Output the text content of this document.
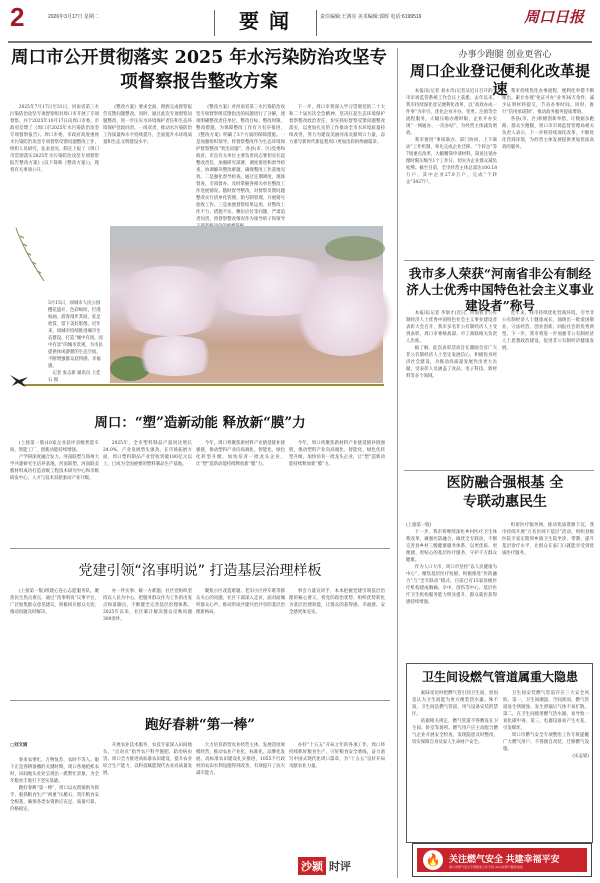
2	2026年3月17日 星期二	要闻	责任编辑:王鸿亮 美术编辑:郭晖 电话:6199516	周口日报
周口市公开贯彻落实 2025 年水污染防治攻坚专项督察报告整改方案

2025年7月17日至31日，河南省第三水污染防治攻坚专项督察组对周口市开展了专项督察。并于2025年10月17日向周口市委、市政府反馈了《周口市2025年水污染防治攻坚专项督察报告》。周口市委、市政府高度重视水污染防治攻坚专项督察反馈问题整改工作，组织人员研究、征求意见，制定上报了《周口市贯彻落实2025年水污染防治攻坚专项督察报告整改方案》(以下简称《整改方案》)，现将有关事项公开。

《整改方案》要求全面、彻底完成督察报告反馈问题整改。同时，通过此次专项督察问题整改，进一步压实水环境保护责任和生态环境保护党政同责、一岗双责，推动水污染防治工作质量和水平持续提升，全面提升水环境质量和生态文明建设水平。

《整改方案》对河南省第三水污染防治攻坚专项督察组反馈指出的问题进行了分解，逐项明确整改责任单位、整改目标、整改时限、整改措施，为保障整改工作有力有序推进，《整改方案》明确了3个方面的保障措施。一是加强组织领导。将督察整改作为生态环境保护督察整改“突出问题”，各县(市、区)党委和政府、市直有关单位主要负责同志要切实扛起整改责任，加强研究部署，调度推进和督导检查，协调解决整改难题，确保整改工作落地见效。二是强化督导检查。通过定期调度、现场督查、专项督办、及时掌握各相关单位整改工作进展情况。随时督导整改，对督察反馈问题整改实行清单化管理、销号制管理，开展销号验收工作。三是加强督察结果运用。对整改工作不力、措施不实、敷衍应付等问题，严肃追责问责，将督察整改情况作为领导班子和领导

下一步，周口市将深入学习贯彻党的二十大和二十届历次全会精神，坚决扛起生态环境保护督察整改政治责任，切实抓好督察反馈问题整改落实，以更加扎实的工作推动全市水环境质量持续改善，努力为建设美丽河南贡献周口力量，奋力谱写新时代新征程周口更加出彩的绚丽篇章。

3月15日，项城市人民公园樱花盛开，色彩缤纷，烂漫如画，游客漫步其间，驻足欣赏，留下美好影像。近年来，项城市持续推进城市生态建设，打造“城中有园、园中有景”的城市景观，为市民提供休闲游憩的生态空间，不断增强群众获得感、幸福感。
记者 张志新 通讯员 王佳石 摄
周口：“塑”造新动能 释放新“膜”力

(上接第一版)10家企业获评省级智能车间、智能工厂，创新动能持续增强。

产学研深度融合发力。河南联塑与郑州大学共建研究生培养基地，河南联塑、河南联美膜材料成功打造省级工程技术研究中心和市级研发中心，人才与技术双轮驱动产业升级。

2025年，全市塑料制品产量同比增长24.0%，产业发展势头强劲。在市场拓展方面，周口塑料制品产业营收突破180亿元以上，已成为全国重要的塑料制品生产基地。

今年，周口将聚焦新材料产业链延链补链强链，推动塑料产业向高端化、智能化、绿色化转型升级，加快培育一批龙头企业，让“塑”造新动能持续释放新“膜”力。

今年，周口将聚焦新材料产业链延链补链强链，推动塑料产业向高端化、智能化、绿色化转型升级，加快培育一批龙头企业，让“塑”造新动能持续释放新“膜”力。

党建引领“洺事明说” 打造基层治理样板

(上接第一版)组建心连心志愿服务队，聚焦民生热点难点，通过“洺事明说”议事平台，广泛收集群众意见建议，积极回应群众关切，推动问题及时解决。

办一件实事、解一方难题，社区党组织坚持以人民为中心，把服务群众作为工作的出发点和落脚点，不断健全完善基层治理体系。2025年以来，社区累计解决群众反映问题300余件。

聚焦小区改造难题、老旧小区停车难等群众关心的问题，社区干部深入走访，面对面倾听群众心声，推动形成共建共治共享的基层治理新格局。

事会力量宣讲手，本本把握党建引领基层治理的核心要义，将党的政治优势、组织优势转化为基层治理效能，让群众的获得感、幸福感、安全感更加充实。

跑好春耕“第一棒”
□刘文娟

春来农事忙，万物复苏，农时不等人。眼下正是春耕备播的关键时期，周口各地抢抓农时，田间地头处处呈现出一派繁忙景象，为全年粮食丰收打下坚实基础。

跑好春耕“第一棒”，周口以农资保供为抓手，狠抓粮食生产“两重”压舱石，筑牢粮食安全根基，确保各类农资供应充足、质量可靠、价格稳定。

开展农业技术服务，农技专家深入田间地头，“点对点”指导农户科学施肥、防治病虫害。周口全力推进高标准农田建设，提升农业综合生产能力，以科技赋能现代农业高质量发展。

大力培育新型农业经营主体，发展适度规模经营，推动农业产业化、标准化、品牌化发展。高标准农田建设扎实推进，1055个行政村的农田水利设施得到改善，有效提升了抗灾减灾能力。

办好“十五五”开局之年的各项工作，周口将持续抓好粮食生产，守好粮食安全底线，奋力谱写中国式现代化周口篇章，为“十五五”良好开局贡献农业力量。

办事少跑腿 创业更省心
周口企业登记便利化改革提速

本报讯(记者 刘永奇)记者从近日召开的全市市场监管系统工作会议上获悉，去年以来，我市持续深化登记便利化改革，以“高效办成一件事”为牵引，优化企业开办、变更、注销等全流程服务，大幅压缩办理时限，企业开办实现“一网通办、一次办结”，为经营主体减负增效。

我市推进“事项联办、部门协同、上下联动”工作机制，率先完成企业迁移、“个转企”等7项重点改革，大幅精简申请材料，简易注销办理时限压缩至1个工作日，切实为企业群众减负松绑。截至目前，全市经营主体总量达100.18万户，其中企业27.9万户，完成“个转企”3427户。

我市持续优化办事流程，便利化举措不断推出。累计办理“免证可办”业务36万余件，减少证明材料提交，节省办事时间。同时，推行“信用承诺制”，推动政务服务提质增效。

各县(市、区)积极创新举措，让数据多跑路、群众少跑腿，周口市市场监督管理局相关负责人表示，下一步将持续深化改革，不断优化营商环境，为经营主体发展提供更加优质高效的服务。

我市多人荣获“河南省非公有制经济人士优秀中国特色社会主义事业建设者”称号

本报讯(记者 李瑞才)近日，河南省非公有制经济人士优秀中国特色社会主义事业建设者表彰大会召开，我市多名非公有制经济人士受到表彰，周口市委统战部、市工商联相关负责人出席。

据了解，此次表彰活动旨在激励全省广大非公有制经济人士坚定发展信心，积极投身经济社会建设，为推动高质量发展作出更大贡献。受表彰人员涵盖了食品、电子科技、新材料等多个领域。

近年来，我市持续优化营商环境，引导非公有制经济人士健康成长，涌现出一批爱国敬业、守法经营、创业创新、回报社会的优秀典型。下一步，我市将进一步加强非公有制经济人士思想政治建设，促进非公有制经济健康发展。

医防融合强根基 全专联动惠民生
(上接第一版)

下一步，我市将继续深化乡村医疗卫生体系改革，做强医防融合、做优全专联动，不断完善县乡村三级健康服务体系，以更优质、更便捷、更贴心的基层医疗服务，守护千万群众健康。

作为人口大市，周口市坚持“以人民健康为中心”，聚焦基层医疗短板，积极推进“医防融合”与“全专联动”模式，目前已有15家县级医疗机构建成胸痛、卒中、创伤等中心，基层医疗卫生机构服务能力明显提升，群众就医获得感持续增强。

织密医疗服务网，推动优质资源下沉，我市持续开展“万名医师下基层”活动，组织县级医院专家定期到乡镇卫生院坐诊、带教，提升基层诊疗水平，让群众在家门口就能享受到优质医疗服务。

卫生间设燃气管道属重大隐患

素昧受访时把燃气管引到卫生间，原因是认为卫生间能为更方便装热水器。殊不知，卫生间是燃气管道、用气设备安装的禁区。

依据相关规定，燃气管道不得敷设在卫生间、卧室等场所。燃气用户应主动配合燃气企业开展安全检查，发现隐患及时整改，切实保障自身及家人生命财产安全。

卫生间安装燃气管道存在三大安全风险。第一，卫生间潮湿、空间密闭，燃气管道易生锈腐蚀，发生泄漏后气体不易扩散。第二，在卫生间使用燃气热水器，易导致一氧化碳中毒。第三，电器设备易产生火花，引发爆炸。

周口市燃气安全专项整治工作专班提醒广大燃气用户，不得擅自改装、迁移燃气设施。

(宋孟斌)
沙颍 时评	🔥 关注燃气安全 共建幸福平安
周口市燃气安全专项整治工作专班 24小时燃气服务热线
